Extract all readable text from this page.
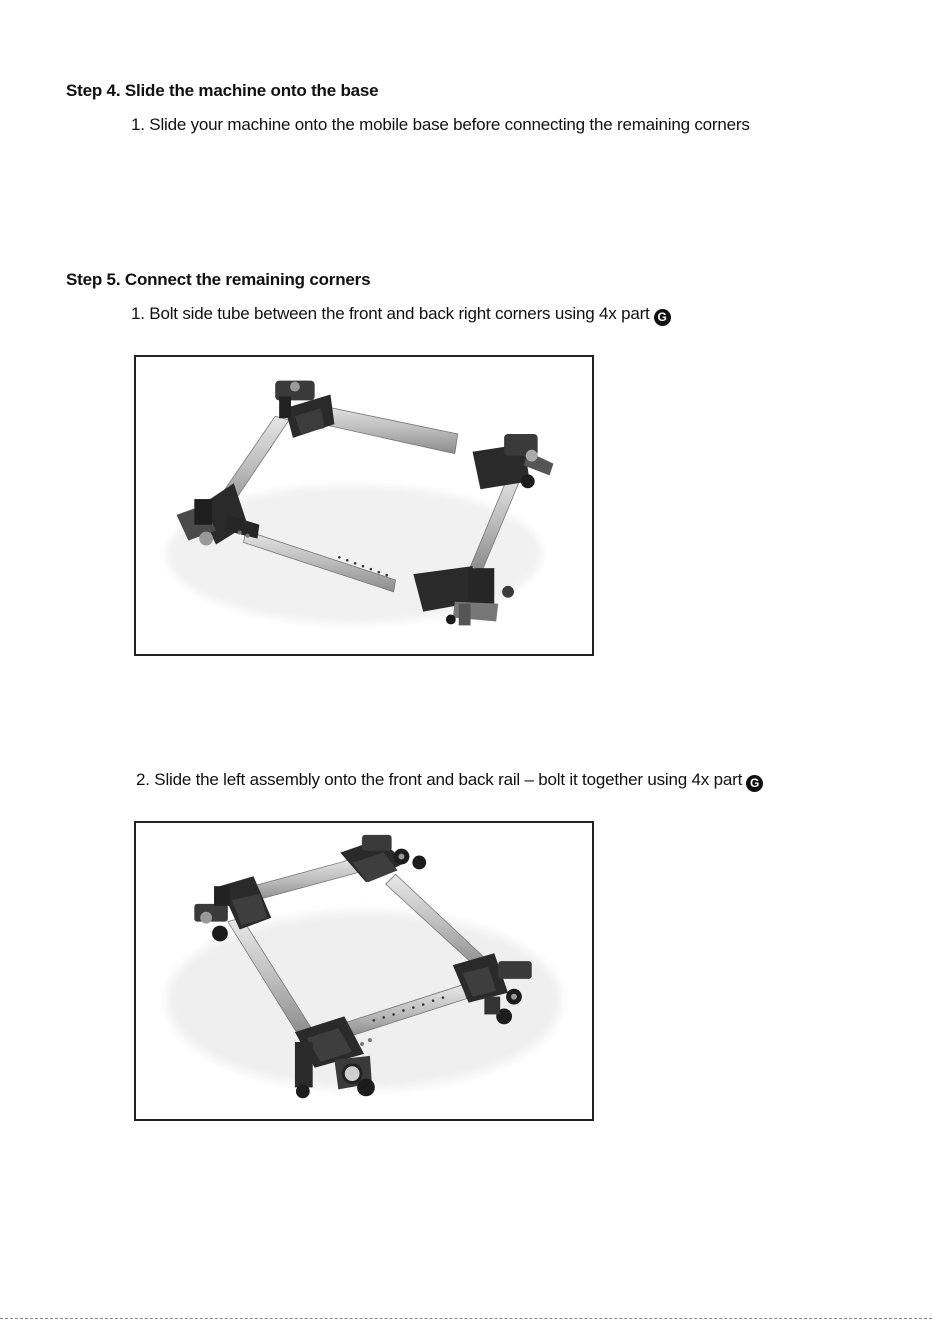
Step 4. Slide the machine onto the base

1. Slide your machine onto the mobile base before connecting the remaining corners

Step 5. Connect the remaining corners

1. Bolt side tube between the front and back right corners using 4x part G

2. Slide the left assembly onto the front and back rail – bolt it together using 4x part G
